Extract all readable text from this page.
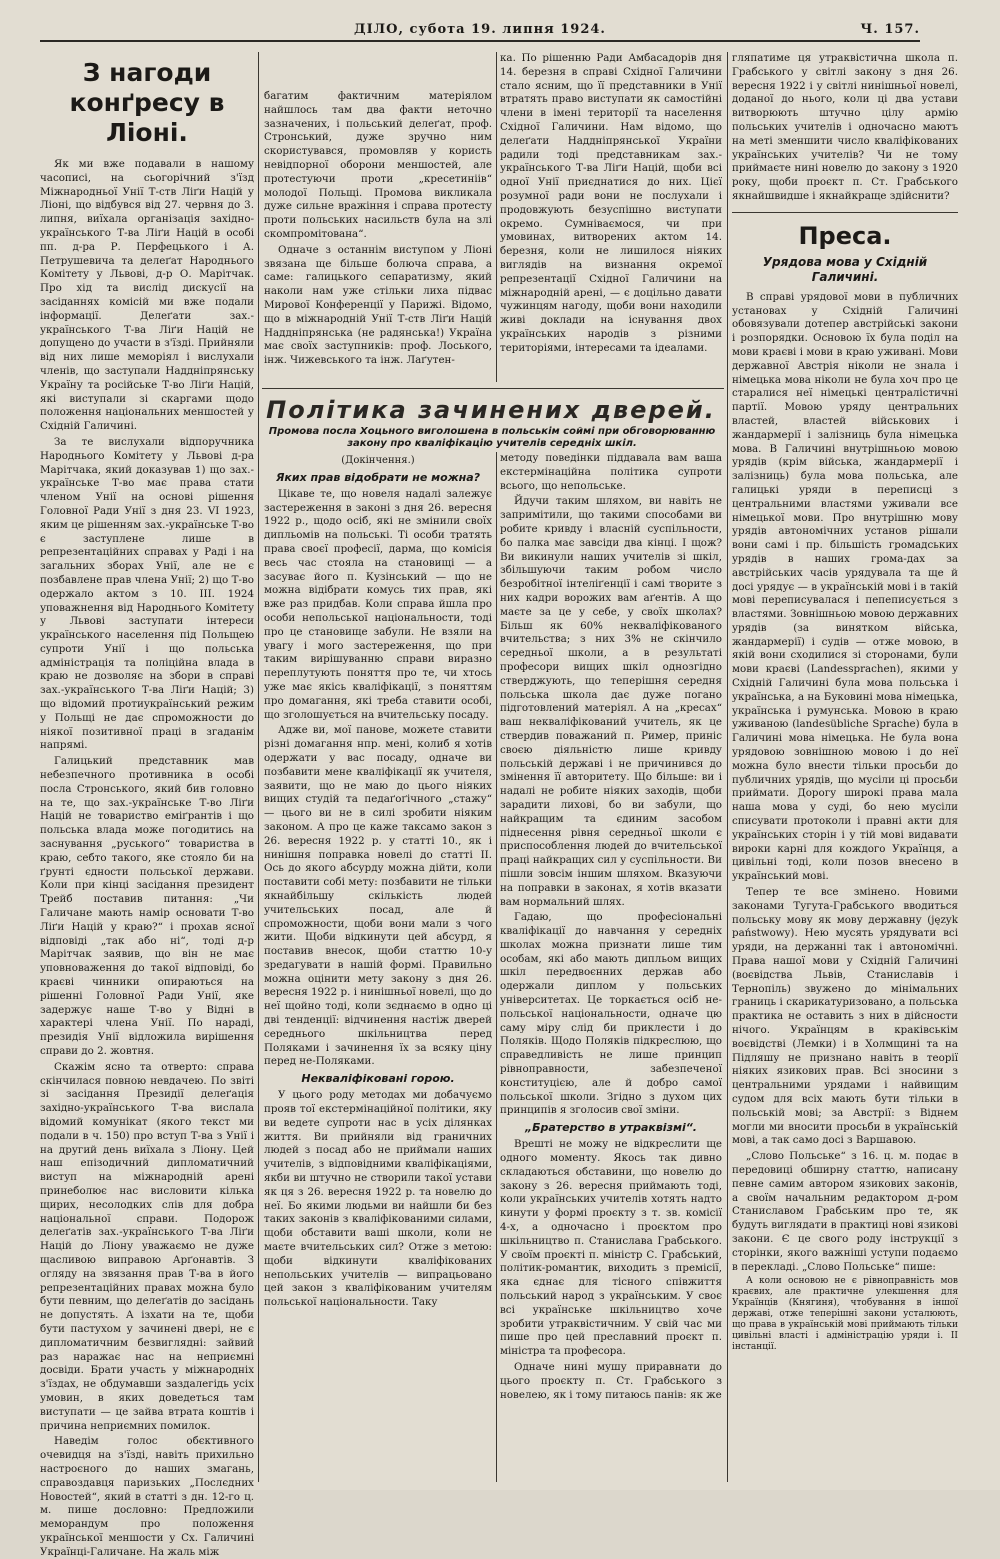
ДІЛО, субота 19. липня 1924.	Ч. 157.
З нагоди конґресу в Ліоні.

Як ми вже подавали в нашому часописі, на сьогорічний з'їзд Міжнародньої Унії Т-ств Ліґи Націй у Ліоні, що відбувся від 27. червня до 3. липня, виїхала організація західно-українського Т-ва Ліґи Націй в особі пп. д-ра Р. Перфецького і А. Петрушевича та делеґат Народнього Комітету у Львові, д-р О. Марітчак. Про хід та вислід дискусії на засіданнях комісій ми вже подали інформації. Делеґати зах.-українського Т-ва Ліґи Націй не допущено до участи в з'їзді. Прийняли від них лише меморіял і вислухали членів, що заступали Наддніпрянську Україну та російське Т-во Ліґи Націй, які виступали зі скаргами щодо положення національних меншостей у Східній Галичині.

За те вислухали відпоручника Народнього Комітету у Львові д-ра Марітчака, який доказував 1) що зах.-українське Т-во має права стати членом Унії на основі рішення Головної Ради Унії з дня 23. VI 1923, яким це рішенням зах.-українське Т-во є заступлене лише в репрезентаційних справах у Раді і на загальних зборах Унії, але не є позбавлене прав члена Унії; 2) що Т-во одержало актом з 10. III. 1924 уповажнення від Народнього Комітету у Львові заступати інтереси українського населення під Польщею супроти Унії і що польська адміністрація та поліційна влада в краю не дозволяє на збори в справі зах.-українського Т-ва Ліґи Націй; 3) що відомий протиукраїнський режим у Польщі не дає спроможности до ніякої позитивної праці в згаданім напрямі.

Галицький представник мав небезпечного противника в особі посла Стронського, який бив головно на те, що зах.-українське Т-во Ліґи Націй не товариство еміґрантів і що польська влада може погодитись на заснування „руського“ товариства в краю, себто такого, яке стояло би на ґрунті єдности польської держави. Коли при кінці засідання президент Трейб поставив питання: „Чи Галичане мають намір основати Т-во Ліґи Націй у краю?“ і прохав ясної відповіді „так або ні“, тоді д-р Марітчак заявив, що він не має уповноваження до такої відповіді, бо краєві чинники опираються на рішенні Головної Ради Унії, яке задержує наше Т-во у Відні в характері члена Унії. По нараді, президія Унії відложила вирішення справи до 2. жовтня.

Скажім ясно та отверто: справа скінчилася повною невдачею. По звіті зі засідання Президії делеґація західно-українського Т-ва вислала відомий комунікат (якого текст ми подали в ч. 150) про вступ Т-ва з Унії і на другий день виїхала з Ліону. Цей наш епізодичний дипломатичний виступ на міжнародній арені принеболює нас висловити кілька щирих, несолодких слів для добра національної справи. Подорож делеґатів зах.-українського Т-ва Ліґи Націй до Ліону уважаємо не дуже щасливою виправою Арґонавтів. З огляду на звязання прав Т-ва в його репрезентаційних правах можна було бути певним, що делеґатів до засідань не допустять. А ізхати на те, щоби бути пастухом у зачинені двері, не є дипломатичним безвиглядні: зайвий раз наражає нас на неприємні досвіди. Брати участь у міжнародніх з'їздах, не обдумавши заздалегідь усіх умовин, в яких доведеться там виступати — це зайва втрата коштів і причина неприємних помилок.

Наведім голос обєктивного очевидця на з'їзді, навіть прихильно настроєного до наших змагань, справоздавця паризьких „Послєдних Новостей“, який в статті з дн. 12-го ц. м. пише дословно: Предложили меморандум про положення української меншости у Сх. Галичині Українці-Галичане. На жаль між

багатим фактичним матеріялом найшлось там два факти неточно зазначених, і польський делеґат, проф. Стронський, дуже зручно ним скористувався, промовляв у користь невідпорної оборони меншостей, але протестуючи проти „кресетиніів“ молодої Польщі. Промова викликала дуже сильне вражіння і справа протесту проти польських насильств була на злі скомпромітована“.

Одначе з останнім виступом у Ліоні звязана ще більше болюча справа, а саме: галицького сепаратизму, який наколи нам уже стільки лиха підвас Мирової Конференції у Парижі. Відомо, що в міжнародній Унії Т-ств Ліґи Націй Наддніпрянська (не радянська!) Україна має своїх заступників: проф. Лоського, інж. Чижевського та інж. Лаґутен-

ка. По рішенню Ради Амбасадорів дня 14. березня в справі Східної Галичини стало ясним, що її представники в Унії втратять право виступати як самостійні члени в імені території та населення Східної Галичини. Нам відомо, що делеґати Наддніпрянської України радили тоді представникам зах.-українського Т-ва Ліґи Націй, щоби всі одної Унії приєднатися до них. Цієї розумної ради вони не послухали і продовжують безуспішно виступати окремо. Сумніваємося, чи при умовинах, витворених актом 14. березня, коли не лишилося ніяких виглядів на визнання окремої репрезентації Східної Галичини на міжнародній арені, — є доцільно давати чужинцям нагоду, щоби вони находили живі доклади на існування двох українських народів з різними територіями, інтересами та ідеалами.

гляпатиме ця утраквістична школа п. Грабського у світлі закону з дня 26. вересня 1922 і у світлі нинішньої новелі, доданої до нього, коли ці два устави витворюють штучно цілу армію польських учителів і одночасно маютъ на меті зменшити число кваліфікованих українських учителів? Чи не тому приймаєте нині новелю до закону з 1920 року, щоби проєкт п. Ст. Грабського якнайшвидше і якнайкраще здійснити?

Преса.
Урядова мова у Східній Галичині.

В справі урядової мови в публичних установах у Східній Галичині обовязували дотепер австрійські закони і розпорядки. Основою їх була поділ на мови краєві і мови в краю уживані. Мови державної Австрія ніколи не знала і німецька мова ніколи не була хоч про це старалися неї німецькі централістичні партії. Мовою уряду центральних властей, властей військових і жандармерії і залізниць була німецька мова. В Галичині внутрішньою мовою урядів (крім війська, жандармерії і залізниць) була мова польська, але галицькі уряди в переписці з центральними властями уживали все німецької мови. Про внутрішню мову урядів автономічних установ рішали вони самі і пр. більшість громадських урядів в наших грома-дах за австрійських часів урядувала та ще й досі урядує — в українській мові і в такій мові переписувалася і пепеписується з властями. Зовнішньою мовою державних урядів (за винятком війська, жандармерії) і судів — отже мовою, в якій вони сходилися зі сторонами, були мови краєві (Landessprachen), якими у Східній Галичині була мова польська і українська, а на Буковині мова німецька, українська і румунська. Мовою в краю уживаною (landesübliche Sprache) була в Галичині мова німецька. Не була вона урядовою зовнішною мовою і до неї можна було внести тільки просьби до публичних урядів, що мусіли ці просьби приймати. Дорогу широкі права мала наша мова у суді, бо нею мусіли списувати протоколи і правні акти для українських сторін і у тій мові видавати вироки карні для кождого Українця, а цивільні тоді, коли позов внесено в український мові.

Тепер те все змінено. Новими законами Тугута-Грабського вводиться польську мову як мову державну (język państwowy). Нею мусять урядувати всі уряди, на держанні так і автономічні. Права нашої мови у Східній Галичині (воєвідства Львів, Станиславів і Тернопіль) звужено до мінімальних границь і скарикатуризовано, а польська практика не оставить з них в дійсности нічого. Українцям в краківськім воєвідстві (Лемки) і в Холмщині та на Підляшу не признано навіть в теорії ніяких язикових прав. Всі зносини з центральними урядами і найвищим судом для всіх мають бути тільки в польській мові; за Австрії: з Віднем могли ми вносити просьби в українській мові, а так само досі з Варшавою.

„Слово Польське“ з 16. ц. м. подає в передовиці обширну статтю, написану певне самим автором язикових законів, а своїм начальним редактором д-ром Станиславом Грабським про те, як будуть виглядати в практиці нові язикові закони. Є це свого роду інструкції з сторінки, якого важніші уступи подаємо в перекладі. „Слово Польське“ пише:

А коли основою не є рівноправність мов краєвих, але практичне улекшення для Українців (Княгиня), чтобування в іншої державі, отже теперішні закони усталюють, що права в українській мові приймають тільки цивільні власті і адміністрацію уряди і. ІІ інстанції.

Політика зачинених дверей.
Промова посла Хоцьного виголошена в польськім соймі при обговорюванню закону про кваліфікацію учителів середніх шкіл.
(Докінчення.)
Яких прав відобрати не можна?

Цікаве те, що новеля надалі залежує застереження в законі з дня 26. вересня 1922 р., щодо осіб, які не змінили своїх дипльомів на польські. Ті особи тратять права своєї професії, дарма, що комісія весь час стояла на становищі — а засуває його п. Кузінський — що не можна відібрати комусь тих прав, які вже раз придбав. Коли справа йшла про особи непольської національности, тоді про це становище забули. Не взяли на увагу і мого застереження, що при таким вирішуванню справи виразно переплутують поняття про те, чи хтось уже має якісь кваліфікації, з поняттям про домагання, які треба ставити особі, що зголошується на вчительську посаду.

Адже ви, мої панове, можете ставити різні домагання нпр. мені, колиб я хотів одержати у вас посаду, одначе ви позбавити мене кваліфікації як учителя, заявити, що не маю до цього ніяких вищих студій та педаґоґічного „стажу“ — цього ви не в силі зробити ніяким законом. А про це каже таксамо закон з 26. вересня 1922 р. у статті 10., як і нинішня поправка новелі до статті ІІ. Ось до якого абсурду можна дійти, коли поставити собі мету: позбавити не тільки якнайбільшу скількість людей учительських посад, але й спроможности, щоби вони мали з чого жити. Щоби відкинути цей абсурд, я поставив внесок, щоби статтю 10-у зредагувати в нашій формі. Правильно можна оцінити мету закону з дня 26. вересня 1922 р. і нинішньої новелі, що до неї щойно тоді, коли зєднаємо в одно ці дві тенденції: відчинення настіж дверей середнього шкільництва перед Поляками і зачинення їх за всяку ціну перед не-Поляками.

Некваліфіковані горою.

У цього роду методах ми добачуємо прояв тої екстермінаційної політики, яку ви ведете супроти нас в усіх ділянках життя. Ви прийняли від граничних людей з посад або не приймали наших учителів, з відповідними кваліфікаціями, якби ви штучно не створили такої устави як ця з 26. вересня 1922 р. та новелю до неї. Бо якими людьми ви найшли би без таких законів з кваліфікованими силами, щоби обставити ваші школи, коли не маєте вчительських сил? Отже з метою: щоби відкинути кваліфікованих непольських учителів — випрацьовано цей закон з кваліфікованим учителям польської національности. Таку

методу поведінки піддавала вам ваша екстермінаційна політика супроти всього, що непольське.

Йдучи таким шляхом, ви навіть не запримітили, що такими способами ви робите кривду і власній суспільности, бо палка має завсіди два кінці. І щож? Ви викинули наших учителів зі шкіл, збільшуючи таким робом число безробітної інтеліґенції і самі творите з них кадри ворожих вам аґентів. А що маєте за це у себе, у своїх школах? Більш як 60% некваліфікованого вчительства; з них 3% не скінчило середньої школи, а в результаті професори вищих шкіл однозгідно стверджують, що теперішня середня польська школа дає дуже погано підготовлений матеріял. А на „кресах“ ваш некваліфікований учитель, як це ствердив поважаний п. Ример, приніс своєю діяльністю лише кривду польській державі і не причинився до змінення її авторитету. Що більше: ви і надалі не робите ніяких заходів, щоби зарадити лихові, бо ви забули, що найкращим та єдиним засобом піднесення рівня середньої школи є приспособлення людей до вчительської праці найкращих сил у суспільности. Ви пішли зовсім іншим шляхом. Вказуючи на поправки в законах, я хотів вказати вам нормальний шлях.

Гадаю, що професіональні кваліфікації до навчання у середніх школах можна признати лише тим особам, які або мають дипльом вищих шкіл передвоєнних держав або одержали диплом у польських університетах. Це торкається осіб не-польської національности, одначе цю саму міру слід би приклести і до Поляків. Щодо Поляків підкреслюю, що справедливість не лише принцип рівноправности, забезпеченої конституцією, але й добро самої польської школи. Згідно з духом цих принципів я зголосив свої зміни.

„Братерство в утраквізмі“.

Врешті не можу не відкреслити ще одного моменту. Якось так дивно складаються обставини, що новелю до закону з 26. вересня приймають тоді, коли українських учителів хотять надто кинути у формі проєкту з т. зв. комісії 4-х, а одночасно і проєктом про шкільництво п. Станислава Грабського. У своїм проєкті п. міністр С. Грабський, політик-романтик, виходить з премісії, яка єднає для тісного співжиття польський народ з українським. У своє всі українське шкільництво хоче зробити утраквістичним. У свій час ми пише про цей преславний проєкт п. міністра та професора.

Одначе нині мушу приравнати до цього проєкту п. Ст. Грабського з новелею, як і тому питаюсь панів: як же
